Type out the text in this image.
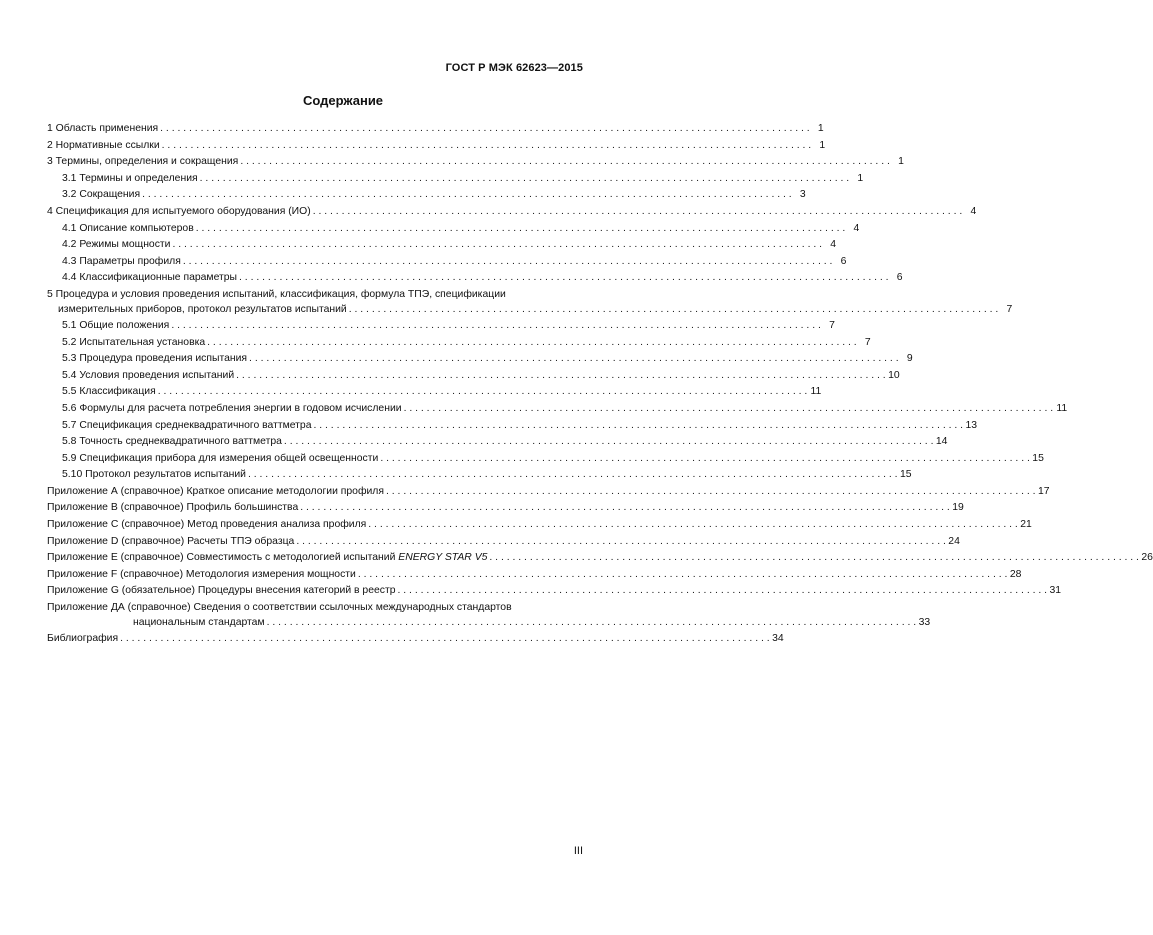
ГОСТ Р МЭК 62623—2015
Содержание
1 Область применения . . .	1
2 Нормативные ссылки . . .	1
3 Термины, определения и сокращения . . .	1
3.1 Термины и определения . . .	1
3.2 Сокращения . . .	3
4 Спецификация для испытуемого оборудования (ИО) . . .	4
4.1 Описание компьютеров . . .	4
4.2 Режимы мощности . . .	4
4.3 Параметры профиля . . .	6
4.4 Классификационные параметры . . .	6
5 Процедура и условия проведения испытаний, классификация, формула ТПЭ, спецификации
измерительных приборов, протокол результатов испытаний . . .	7
5.1 Общие положения . . .	7
5.2 Испытательная установка . . .	7
5.3 Процедура проведения испытания . . .	9
5.4 Условия проведения испытаний . . .	10
5.5 Классификация . . .	11
5.6 Формулы для расчета потребления энергии в годовом исчислении . . .	11
5.7 Спецификация среднеквадратичного ваттметра . . .	13
5.8 Точность среднеквадратичного ваттметра . . .	14
5.9 Спецификация прибора для измерения общей освещенности . . .	15
5.10 Протокол результатов испытаний . . .	15
Приложение А (справочное) Краткое описание методологии профиля . . .	17
Приложение В (справочное) Профиль большинства . . .	19
Приложение С (справочное) Метод проведения анализа профиля . . .	21
Приложение D (справочное) Расчеты ТПЭ образца . . .	24
Приложение Е (справочное) Совместимость с методологией испытаний ENERGY STAR V5 . . .	26
Приложение F (справочное) Методология измерения мощности . . .	28
Приложение G (обязательное) Процедуры внесения категорий в реестр . . .	31
Приложение ДА (справочное) Сведения о соответствии ссылочных международных стандартов
национальным стандартам . . .	33
Библиография . . .	34
III
